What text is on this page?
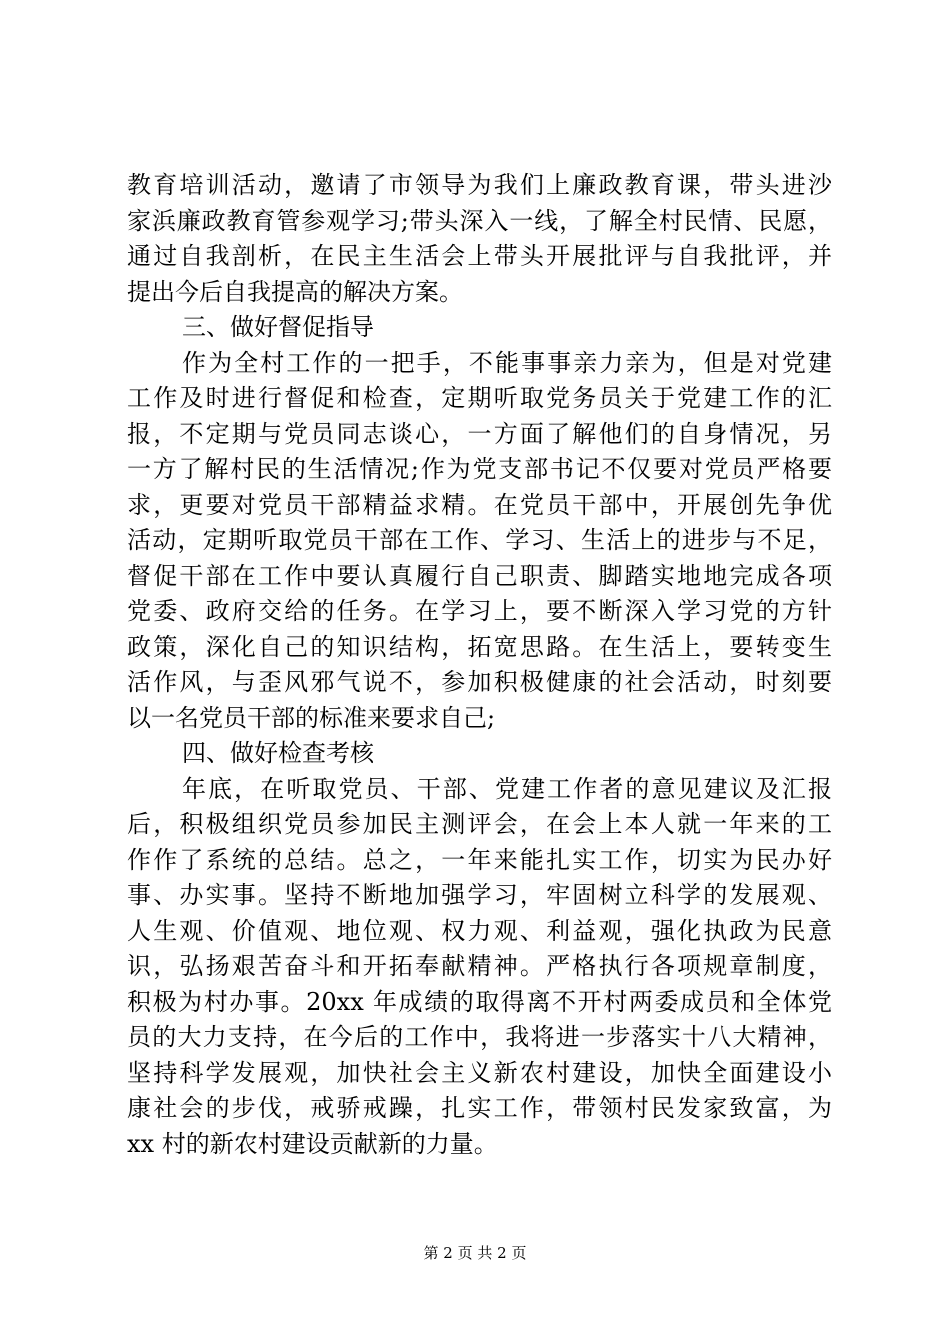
教育培训活动，邀请了市领导为我们上廉政教育课，带头进沙
家浜廉政教育管参观学习;带头深入一线，了解全村民情、民愿，
通过自我剖析，在民主生活会上带头开展批评与自我批评，并
提出今后自我提高的解决方案。
三、做好督促指导
作为全村工作的一把手，不能事事亲力亲为，但是对党建
工作及时进行督促和检查，定期听取党务员关于党建工作的汇
报，不定期与党员同志谈心，一方面了解他们的自身情况，另
一方了解村民的生活情况;作为党支部书记不仅要对党员严格要
求，更要对党员干部精益求精。在党员干部中，开展创先争优
活动，定期听取党员干部在工作、学习、生活上的进步与不足，
督促干部在工作中要认真履行自己职责、脚踏实地地完成各项
党委、政府交给的任务。在学习上，要不断深入学习党的方针
政策，深化自己的知识结构，拓宽思路。在生活上，要转变生
活作风，与歪风邪气说不，参加积极健康的社会活动，时刻要
以一名党员干部的标准来要求自己;
四、做好检查考核
年底，在听取党员、干部、党建工作者的意见建议及汇报
后，积极组织党员参加民主测评会，在会上本人就一年来的工
作作了系统的总结。总之，一年来能扎实工作，切实为民办好
事、办实事。坚持不断地加强学习，牢固树立科学的发展观、
人生观、价值观、地位观、权力观、利益观，强化执政为民意
识，弘扬艰苦奋斗和开拓奉献精神。严格执行各项规章制度，
积极为村办事。20xx 年成绩的取得离不开村两委成员和全体党
员的大力支持，在今后的工作中，我将进一步落实十八大精神，
坚持科学发展观，加快社会主义新农村建设，加快全面建设小
康社会的步伐，戒骄戒躁，扎实工作，带领村民发家致富，为
xx 村的新农村建设贡献新的力量。
第 2 页 共 2 页
